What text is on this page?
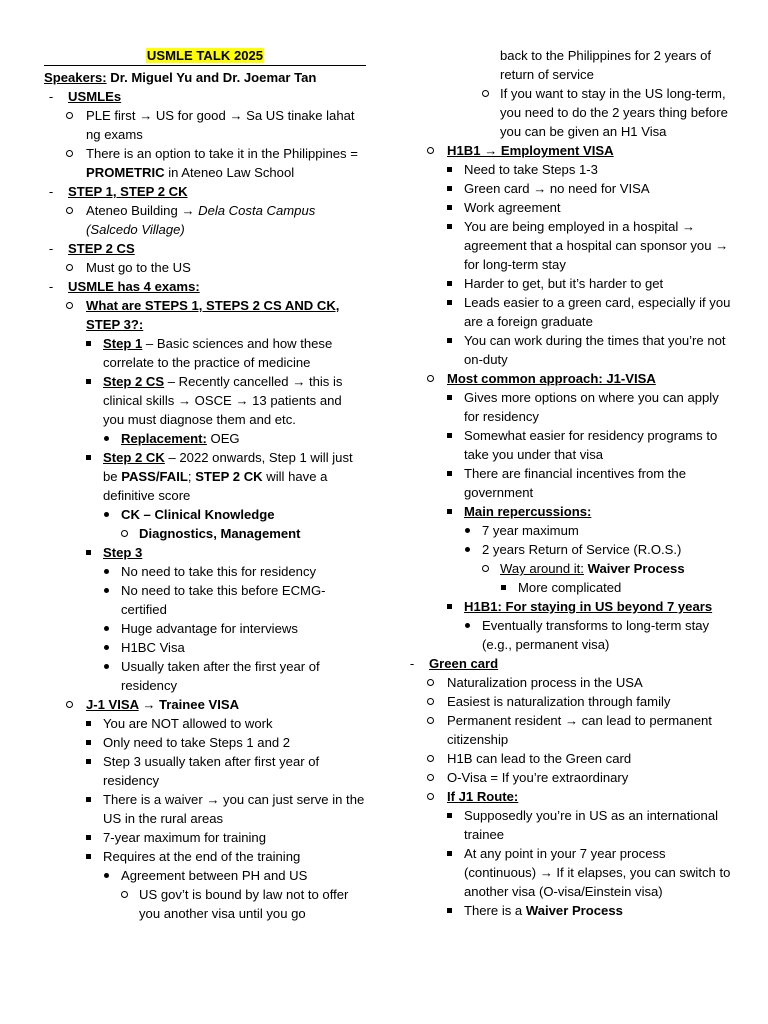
USMLE TALK 2025
Speakers: Dr. Miguel Yu and Dr. Joemar Tan
-	USMLEs
PLE first → US for good → Sa US tinake lahat ng exams
There is an option to take it in the Philippines = PROMETRIC in Ateneo Law School
-	STEP 1, STEP 2 CK
Ateneo Building → Dela Costa Campus (Salcedo Village)
-	STEP 2 CS
Must go to the US
-	USMLE has 4 exams:
What are STEPS 1, STEPS 2 CS AND CK, STEP 3?:
Step 1 – Basic sciences and how these correlate to the practice of medicine
Step 2 CS – Recently cancelled → this is clinical skills → OSCE → 13 patients and you must diagnose them and etc.
Replacement: OEG
Step 2 CK – 2022 onwards, Step 1 will just be PASS/FAIL; STEP 2 CK will have a definitive score
CK – Clinical Knowledge
Diagnostics, Management
Step 3
No need to take this for residency
No need to take this before ECMG-certified
Huge advantage for interviews
H1BC Visa
Usually taken after the first year of residency
J-1 VISA → Trainee VISA
You are NOT allowed to work
Only need to take Steps 1 and 2
Step 3 usually taken after first year of residency
There is a waiver → you can just serve in the US in the rural areas
7-year maximum for training
Requires at the end of the training
Agreement between PH and US
US gov’t is bound by law not to offer you another visa until you go
back to the Philippines for 2 years of return of service
If you want to stay in the US long-term, you need to do the 2 years thing before you can be given an H1 Visa
H1B1 → Employment VISA
Need to take Steps 1-3
Green card → no need for VISA
Work agreement
You are being employed in a hospital → agreement that a hospital can sponsor you → for long-term stay
Harder to get, but it’s harder to get
Leads easier to a green card, especially if you are a foreign graduate
You can work during the times that you’re not on-duty
Most common approach: J1-VISA
Gives more options on where you can apply for residency
Somewhat easier for residency programs to take you under that visa
There are financial incentives from the government
Main repercussions:
7 year maximum
2 years Return of Service (R.O.S.)
Way around it: Waiver Process
More complicated
H1B1: For staying in US beyond 7 years
Eventually transforms to long-term stay (e.g., permanent visa)
-	Green card
Naturalization process in the USA
Easiest is naturalization through family
Permanent resident → can lead to permanent citizenship
H1B can lead to the Green card
O-Visa = If you’re extraordinary
If J1 Route:
Supposedly you’re in US as an international trainee
At any point in your 7 year process (continuous) → If it elapses, you can switch to another visa (O-visa/Einstein visa)
There is a Waiver Process
